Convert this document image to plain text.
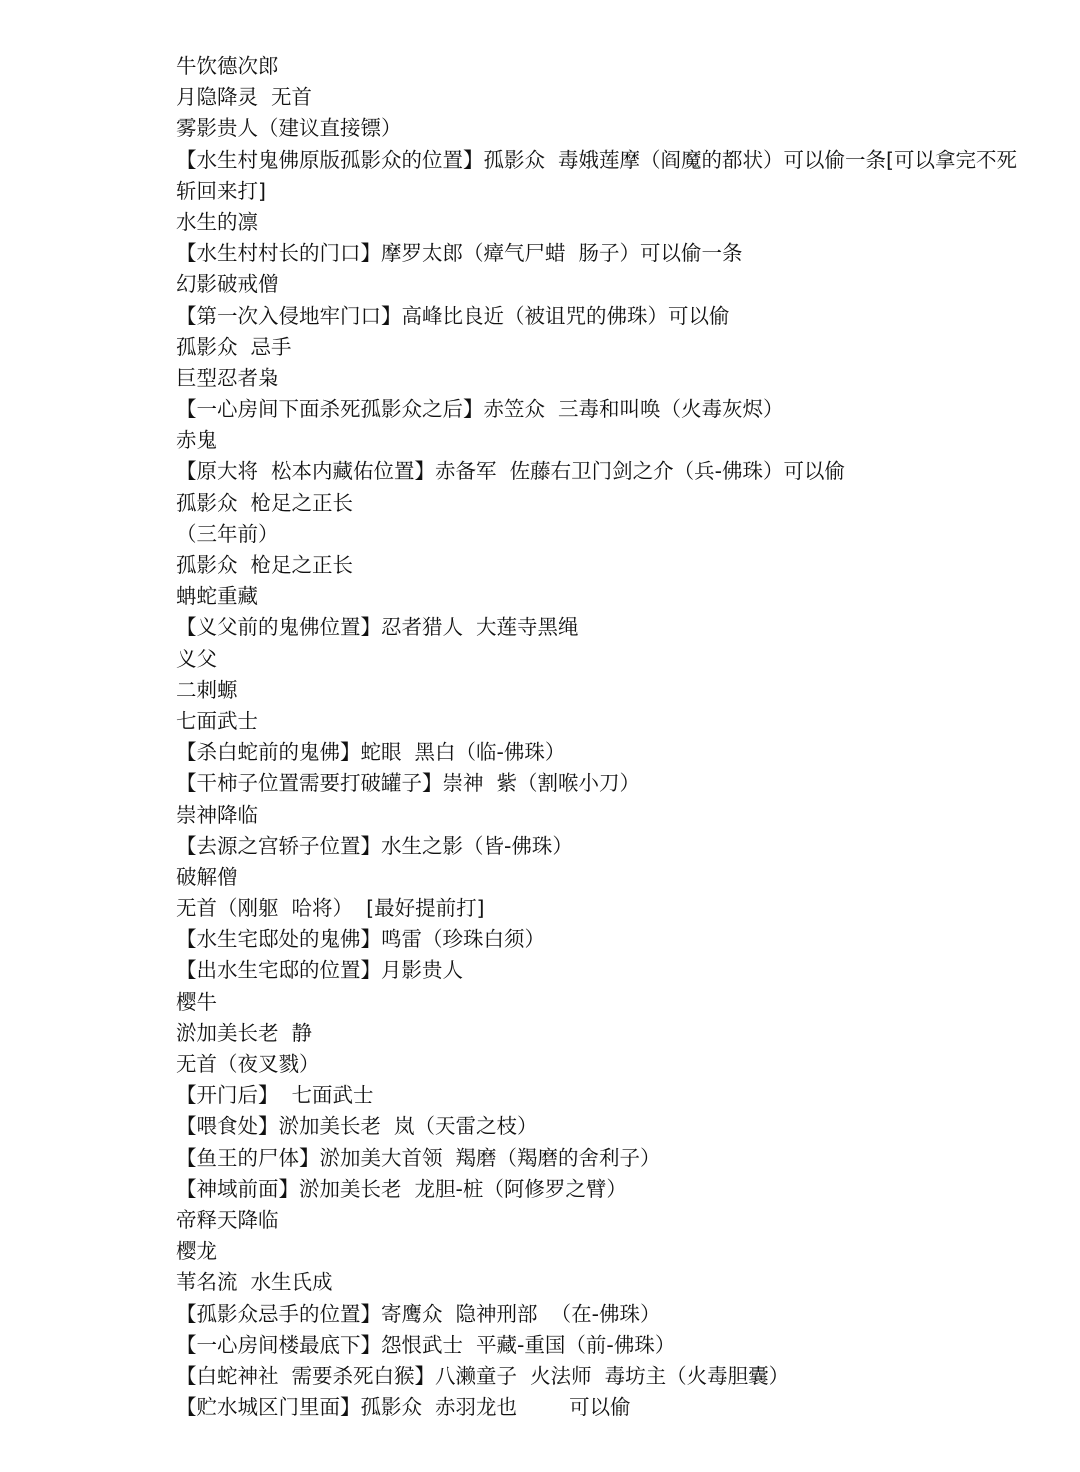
牛饮德次郎
月隐降灵  无首
雾影贵人（建议直接镖）
【水生村鬼佛原版孤影众的位置】孤影众  毒娥莲摩（阎魔的都状）可以偷一条[可以拿完不死斩回来打]
水生的凛
【水生村村长的门口】摩罗太郎（瘴气尸蜡  肠子）可以偷一条
幻影破戒僧
【第一次入侵地牢门口】高峰比良近（被诅咒的佛珠）可以偷
孤影众  忌手
巨型忍者枭
【一心房间下面杀死孤影众之后】赤笠众  三毒和叫唤（火毒灰烬）
赤鬼
【原大将  松本内藏佑位置】赤备军  佐藤右卫门剑之介（兵-佛珠）可以偷
孤影众  枪足之正长
（三年前）
孤影众  枪足之正长
蚺蛇重藏
【义父前的鬼佛位置】忍者猎人  大莲寺黑绳
义父
二刺螈
七面武士
【杀白蛇前的鬼佛】蛇眼  黑白（临-佛珠）
【干柿子位置需要打破罐子】崇神  紫（割喉小刀）
崇神降临
【去源之宫轿子位置】水生之影（皆-佛珠）
破解僧
无首（刚躯  哈将）  [最好提前打]
【水生宅邸处的鬼佛】鸣雷（珍珠白须）
【出水生宅邸的位置】月影贵人
樱牛
淤加美长老  静
无首（夜叉戮）
【开门后】  七面武士
【喂食处】淤加美长老  岚（天雷之枝）
【鱼王的尸体】淤加美大首领  羯磨（羯磨的舍利子）
【神域前面】淤加美长老  龙胆-桩（阿修罗之臂）
帝释天降临
樱龙
苇名流  水生氏成
【孤影众忌手的位置】寄鹰众  隐神刑部  （在-佛珠）
【一心房间楼最底下】怨恨武士  平藏-重国（前-佛珠）
【白蛇神社  需要杀死白猴】八濑童子  火法师  毒坊主（火毒胆囊）
【贮水城区门里面】孤影众  赤羽龙也        可以偷
